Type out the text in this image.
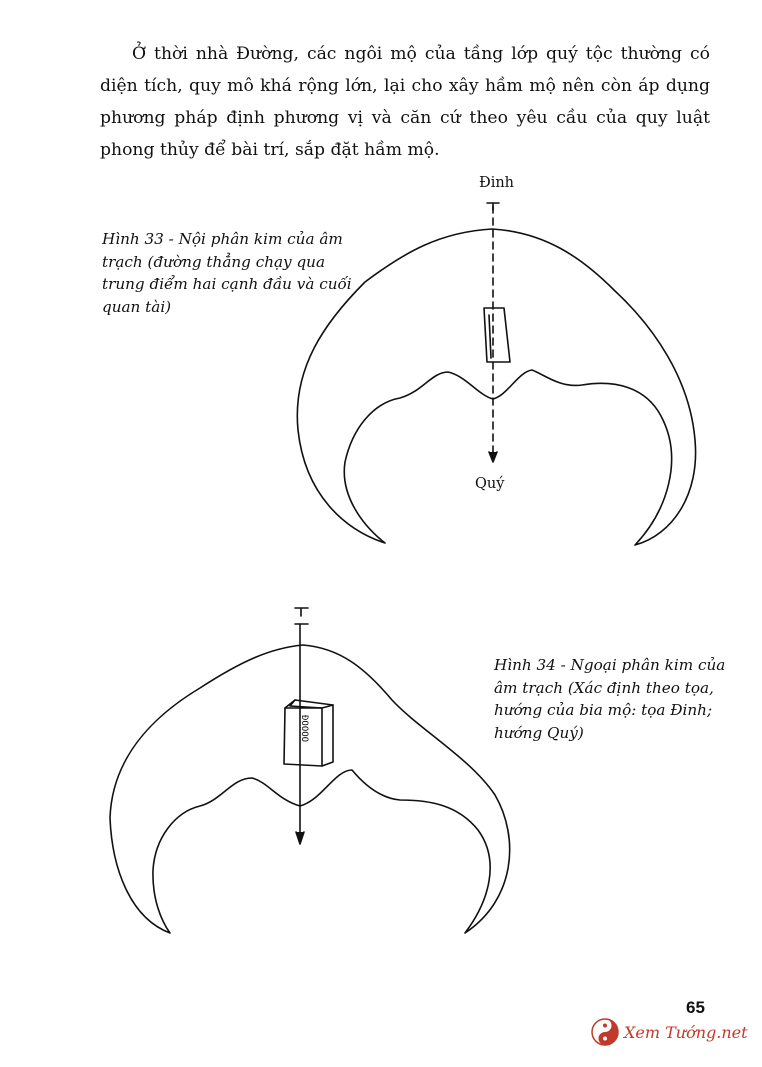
Ở thời nhà Đường, các ngôi mộ của tầng lớp quý tộc thường có diện tích, quy mô khá rộng lớn, lại cho xây hầm mộ nên còn áp dụng phương pháp định phương vị và căn cứ theo yêu cầu của quy luật phong thủy để bài trí, sắp đặt hầm mộ.

Hình 33 - Nội phân kim của âm trạch (đường thẳng chạy qua trung điểm hai cạnh đầu và cuối quan tài)
Đinh
Quý
ĐOOOO
Hình 34 - Ngoại phân kim của âm trạch (Xác định theo tọa, hướng của bia mộ: tọa Đinh; hướng Quý)
65
Xem Tướng.net
